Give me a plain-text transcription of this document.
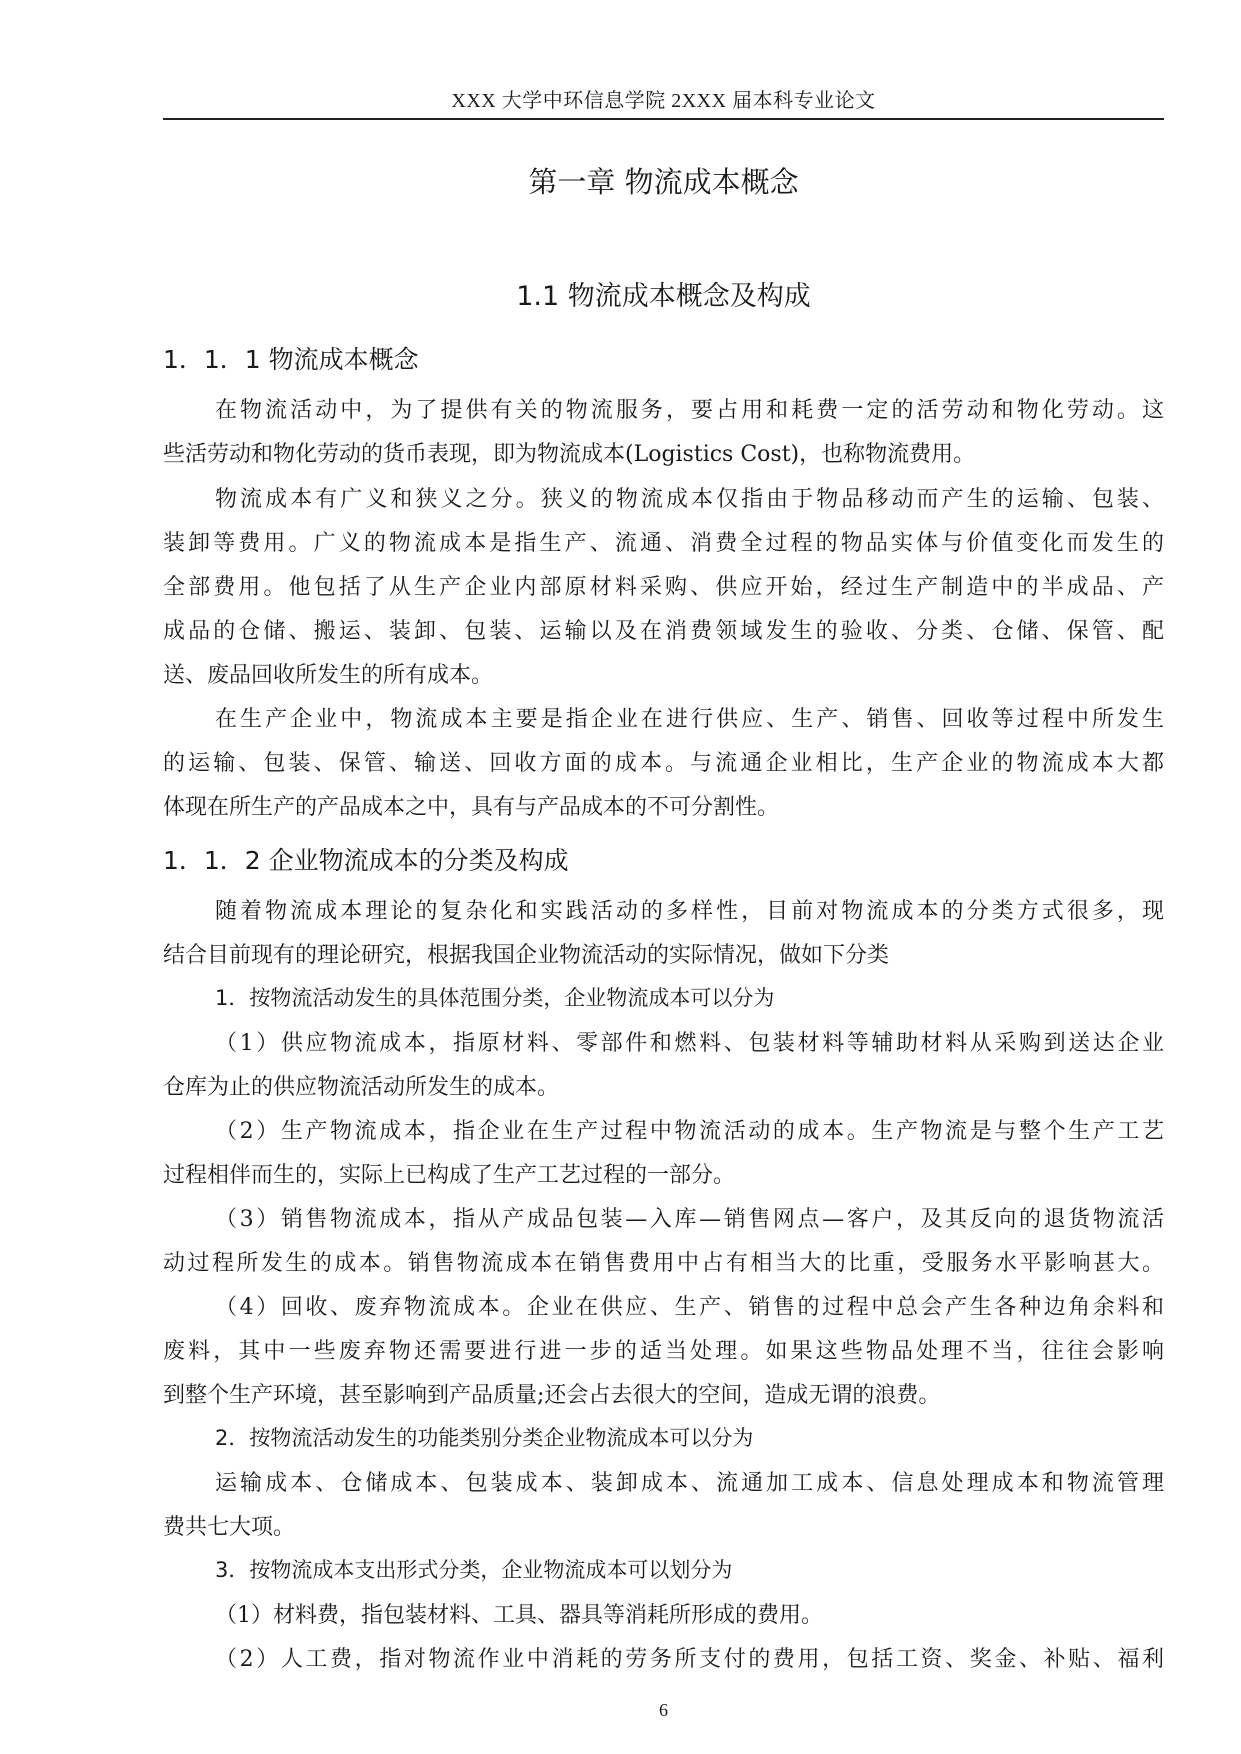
XXX 大学中环信息学院 2XXX 届本科专业论文
第一章 物流成本概念
1.1 物流成本概念及构成
1．1．1 物流成本概念
在物流活动中，为了提供有关的物流服务，要占用和耗费一定的活劳动和物化劳动。这
些活劳动和物化劳动的货币表现，即为物流成本(Logistics Cost)，也称物流费用。
物流成本有广义和狭义之分。狭义的物流成本仅指由于物品移动而产生的运输、包装、
装卸等费用。广义的物流成本是指生产、流通、消费全过程的物品实体与价值变化而发生的
全部费用。他包括了从生产企业内部原材料采购、供应开始，经过生产制造中的半成品、产
成品的仓储、搬运、装卸、包装、运输以及在消费领域发生的验收、分类、仓储、保管、配
送、废品回收所发生的所有成本。
在生产企业中，物流成本主要是指企业在进行供应、生产、销售、回收等过程中所发生
的运输、包装、保管、输送、回收方面的成本。与流通企业相比，生产企业的物流成本大都
体现在所生产的产品成本之中，具有与产品成本的不可分割性。
1．1．2 企业物流成本的分类及构成
随着物流成本理论的复杂化和实践活动的多样性，目前对物流成本的分类方式很多，现
结合目前现有的理论研究，根据我国企业物流活动的实际情况，做如下分类
1．按物流活动发生的具体范围分类，企业物流成本可以分为
（1）供应物流成本，指原材料、零部件和燃料、包装材料等辅助材料从采购到送达企业
仓库为止的供应物流活动所发生的成本。
（2）生产物流成本，指企业在生产过程中物流活动的成本。生产物流是与整个生产工艺
过程相伴而生的，实际上已构成了生产工艺过程的一部分。
（3）销售物流成本，指从产成品包装—入库—销售网点—客户，及其反向的退货物流活
动过程所发生的成本。销售物流成本在销售费用中占有相当大的比重，受服务水平影响甚大。
（4）回收、废弃物流成本。企业在供应、生产、销售的过程中总会产生各种边角余料和
废料，其中一些废弃物还需要进行进一步的适当处理。如果这些物品处理不当，往往会影响
到整个生产环境，甚至影响到产品质量;还会占去很大的空间，造成无谓的浪费。
2．按物流活动发生的功能类别分类企业物流成本可以分为
运输成本、仓储成本、包装成本、装卸成本、流通加工成本、信息处理成本和物流管理
费共七大项。
3．按物流成本支出形式分类，企业物流成本可以划分为
（1）材料费，指包装材料、工具、器具等消耗所形成的费用。
（2）人工费，指对物流作业中消耗的劳务所支付的费用，包括工资、奖金、补贴、福利
6
